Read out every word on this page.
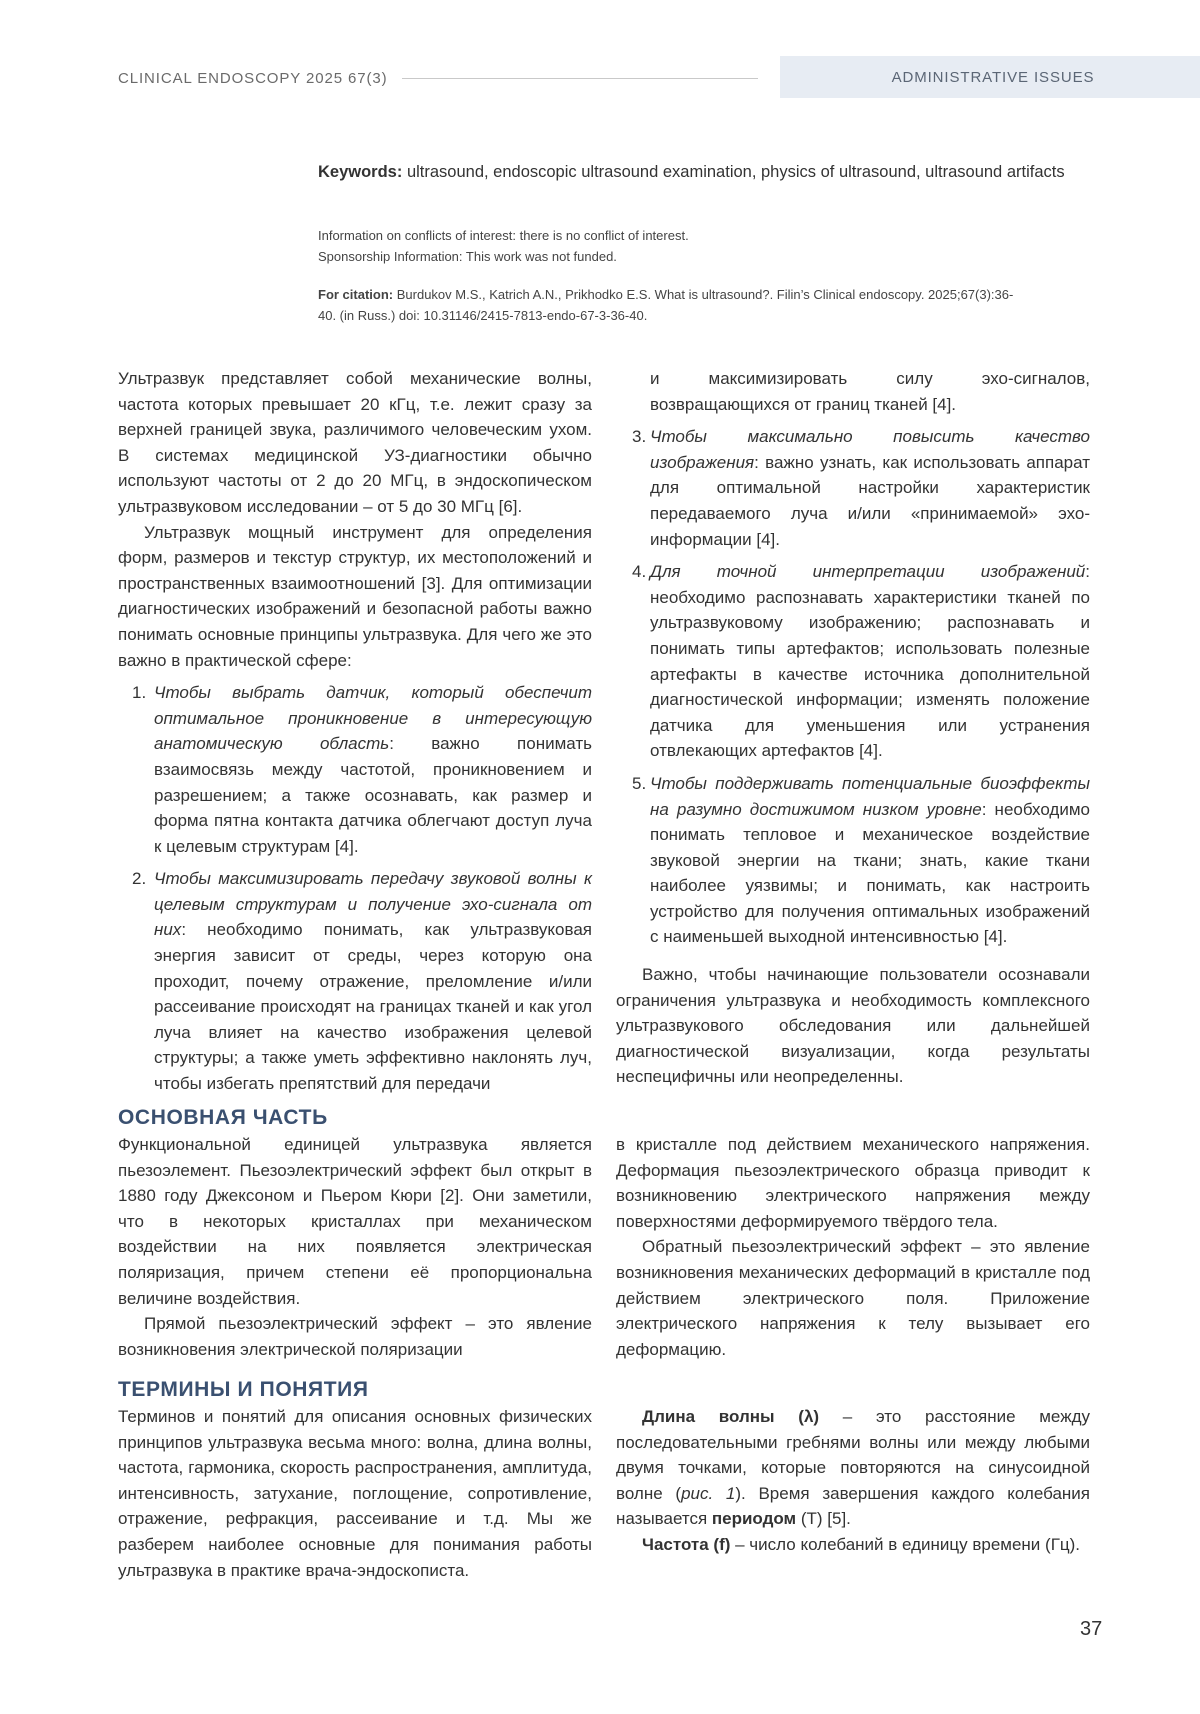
CLINICAL ENDOSCOPY 2025 67(3)	ADMINISTRATIVE ISSUES
Keywords: ultrasound, endoscopic ultrasound examination, physics of ultrasound, ultrasound artifacts
Information on conflicts of interest: there is no conflict of interest.
Sponsorship Information: This work was not funded.
For citation: Burdukov M.S., Katrich A.N., Prikhodko E.S. What is ultrasound?. Filin’s Clinical endoscopy. 2025;67(3):36-40. (in Russ.) doi: 10.31146/2415-7813-endo-67-3-36-40.

Ультразвук представляет собой механические волны, частота которых превышает 20 кГц, т.е. лежит сразу за верхней границей звука, различимого человеческим ухом. В системах медицинской УЗ-диагностики обычно используют частоты от 2 до 20 МГц, в эндоскопическом ультразвуковом исследовании – от 5 до 30 МГц [6].

Ультразвук мощный инструмент для определения форм, размеров и текстур структур, их местоположений и пространственных взаимоотношений [3]. Для оптимизации диагностических изображений и безопасной работы важно понимать основные принципы ультразвука. Для чего же это важно в практической сфере:

1. Чтобы выбрать датчик, который обеспечит оптимальное проникновение в интересующую анатомическую область: важно понимать взаимосвязь между частотой, проникновением и разрешением; а также осознавать, как размер и форма пятна контакта датчика облегчают доступ луча к целевым структурам [4].
2. Чтобы максимизировать передачу звуковой волны к целевым структурам и получение эхо-сигнала от них: необходимо понимать, как ультразвуковая энергия зависит от среды, через которую она проходит, почему отражение, преломление и/или рассеивание происходят на границах тканей и как угол луча влияет на качество изображения целевой структуры; а также уметь эффективно наклонять луч, чтобы избегать препятствий для передачи
и максимизировать силу эхо-сигналов, возвращающихся от границ тканей [4].
3. Чтобы максимально повысить качество изображения: важно узнать, как использовать аппарат для оптимальной настройки характеристик передаваемого луча и/или «принимаемой» эхо-информации [4].
4. Для точной интерпретации изображений: необходимо распознавать характеристики тканей по ультразвуковому изображению; распознавать и понимать типы артефактов; использовать полезные артефакты в качестве источника дополнительной диагностической информации; изменять положение датчика для уменьшения или устранения отвлекающих артефактов [4].
5. Чтобы поддерживать потенциальные биоэффекты на разумно достижимом низком уровне: необходимо понимать тепловое и механическое воздействие звуковой энергии на ткани; знать, какие ткани наиболее уязвимы; и понимать, как настроить устройство для получения оптимальных изображений с наименьшей выходной интенсивностью [4].

Важно, чтобы начинающие пользователи осознавали ограничения ультразвука и необходимость комплексного ультразвукового обследования или дальнейшей диагностической визуализации, когда результаты неспецифичны или неопределенны.

ОСНОВНАЯ ЧАСТЬ

Функциональной единицей ультразвука является пьезоэлемент. Пьезоэлектрический эффект был открыт в 1880 году Джексоном и Пьером Кюри [2]. Они заметили, что в некоторых кристаллах при механическом воздействии на них появляется электрическая поляризация, причем степени её пропорциональна величине воздействия.

Прямой пьезоэлектрический эффект – это явление возникновения электрической поляризации

в кристалле под действием механического напряжения. Деформация пьезоэлектрического образца приводит к возникновению электрического напряжения между поверхностями деформируемого твёрдого тела.

Обратный пьезоэлектрический эффект – это явление возникновения механических деформаций в кристалле под действием электрического поля. Приложение электрического напряжения к телу вызывает его деформацию.

ТЕРМИНЫ И ПОНЯТИЯ

Терминов и понятий для описания основных физических принципов ультразвука весьма много: волна, длина волны, частота, гармоника, скорость распространения, амплитуда, интенсивность, затухание, поглощение, сопротивление, отражение, рефракция, рассеивание и т.д. Мы же разберем наиболее основные для понимания работы ультразвука в практике врача-эндоскописта.

Длина волны (λ) – это расстояние между последовательными гребнями волны или между любыми двумя точками, которые повторяются на синусоидной волне (рис. 1). Время завершения каждого колебания называется периодом (T) [5].

Частота (f) – число колебаний в единицу времени (Гц).

37
